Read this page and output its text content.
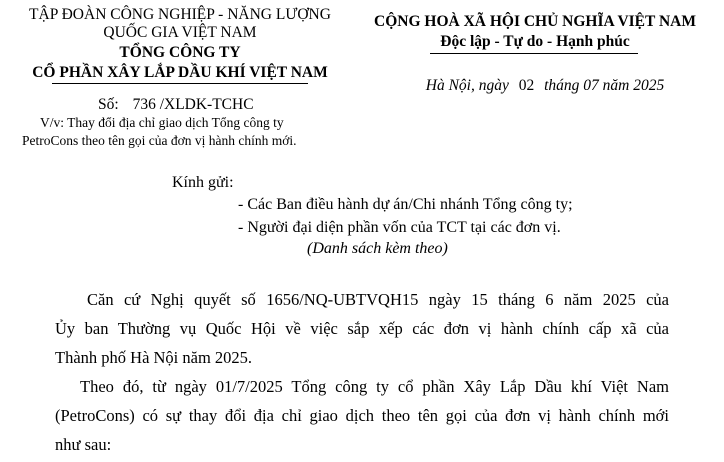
TẬP ĐOÀN CÔNG NGHIỆP - NĂNG LƯỢNG
QUỐC GIA VIỆT NAM
TỔNG CÔNG TY
CỔ PHẦN XÂY LẮP DẦU KHÍ VIỆT NAM
CỘNG HOÀ XÃ HỘI CHỦ NGHĨA VIỆT NAM
Độc lập - Tự do - Hạnh phúc
Hà Nội, ngày 02 tháng 07 năm 2025
Số: 736 /XLDK-TCHC
V/v: Thay đổi địa chỉ giao dịch Tổng công ty
PetroCons theo tên gọi của đơn vị hành chính mới.
Kính gửi:
- Các Ban điều hành dự án/Chi nhánh Tổng công ty;
- Người đại diện phần vốn của TCT tại các đơn vị.
(Danh sách kèm theo)
Căn cứ Nghị quyết số 1656/NQ-UBTVQH15 ngày 15 tháng 6 năm 2025 của
Ủy ban Thường vụ Quốc Hội về việc sắp xếp các đơn vị hành chính cấp xã của
Thành phố Hà Nội năm 2025.
Theo đó, từ ngày 01/7/2025 Tổng công ty cổ phần Xây Lắp Dầu khí Việt Nam
(PetroCons) có sự thay đổi địa chỉ giao dịch theo tên gọi của đơn vị hành chính mới
như sau:
